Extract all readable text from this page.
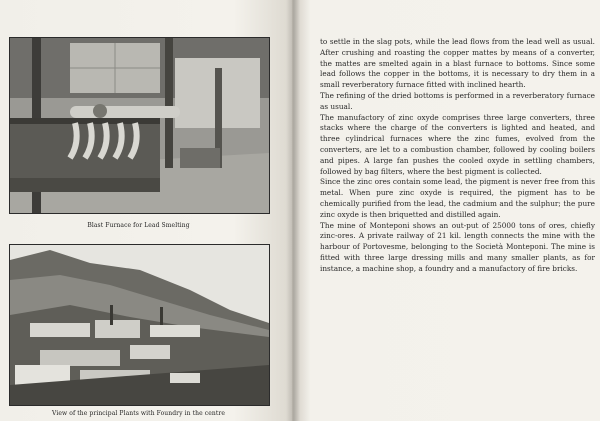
Blast Furnace for Lead Smelting
View of the principal Plants with Foundry in the centre

to settle in the slag pots, while the lead flows from the lead well as usual. After crushing and roasting the copper mattes by means of a converter, the mattes are smelted again in a blast furnace to bottoms. Since some lead follows the copper in the bottoms, it is necessary to dry them in a small reverberatory furnace fitted with inclined hearth.

The refining of the dried bottoms is performed in a reverberatory furnace as usual.

The manufactory of zinc oxyde comprises three large converters, three stacks where the charge of the converters is lighted and heated, and three cylindrical furnaces where the zinc fumes, evolved from the converters, are let to a combustion chamber, followed by cooling boilers and pipes. A large fan pushes the cooled oxyde in settling chambers, followed by bag filters, where the best pigment is collected.

Since the zinc ores contain some lead, the pigment is never free from this metal. When pure zinc oxyde is required, the pigment has to be chemically purified from the lead, the cadmium and the sulphur; the pure zinc oxyde is then briquetted and distilled again.

The mine of Monteponi shows an out-put of 25000 tons of ores, chiefly zinc-ores. A private railway of 21 kil. length connects the mine with the harbour of Portovesme, belonging to the Società Monteponi. The mine is fitted with three large dressing mills and many smaller plants, as for instance, a machine shop, a foundry and a manufactory of fire bricks.
